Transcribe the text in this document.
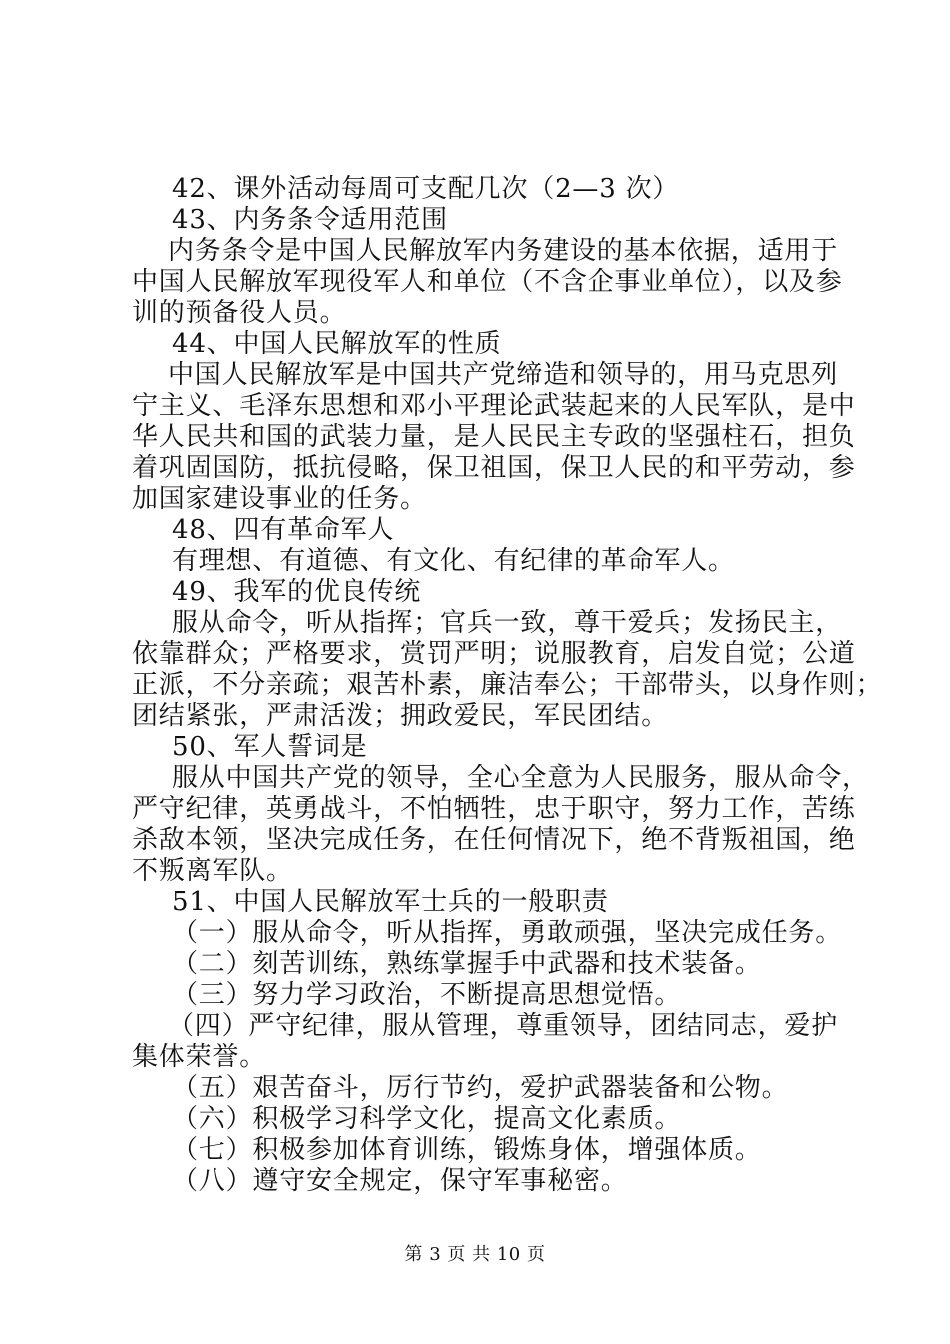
42、课外活动每周可支配几次（2—3 次）
43、内务条令适用范围
内务条令是中国人民解放军内务建设的基本依据，适用于
中国人民解放军现役军人和单位（不含企事业单位），以及参
训的预备役人员。
44、中国人民解放军的性质
中国人民解放军是中国共产党缔造和领导的，用马克思列
宁主义、毛泽东思想和邓小平理论武装起来的人民军队，是中
华人民共和国的武装力量，是人民民主专政的坚强柱石，担负
着巩固国防，抵抗侵略，保卫祖国，保卫人民的和平劳动，参
加国家建设事业的任务。
48、四有革命军人
有理想、有道德、有文化、有纪律的革命军人。
49、我军的优良传统
服从命令，听从指挥；官兵一致，尊干爱兵；发扬民主，
依靠群众；严格要求，赏罚严明；说服教育，启发自觉；公道
正派，不分亲疏；艰苦朴素，廉洁奉公；干部带头，以身作则；
团结紧张，严肃活泼；拥政爱民，军民团结。
50、军人誓词是
服从中国共产党的领导，全心全意为人民服务，服从命令，
严守纪律，英勇战斗，不怕牺牲，忠于职守，努力工作，苦练
杀敌本领，坚决完成任务，在任何情况下，绝不背叛祖国，绝
不叛离军队。
51、中国人民解放军士兵的一般职责
（一）服从命令，听从指挥，勇敢顽强，坚决完成任务。
（二）刻苦训练，熟练掌握手中武器和技术装备。
（三）努力学习政治，不断提高思想觉悟。
（四）严守纪律，服从管理，尊重领导，团结同志，爱护
集体荣誉。
（五）艰苦奋斗，厉行节约，爱护武器装备和公物。
（六）积极学习科学文化，提高文化素质。
（七）积极参加体育训练，锻炼身体，增强体质。
（八）遵守安全规定，保守军事秘密。
第 3 页 共 10 页
